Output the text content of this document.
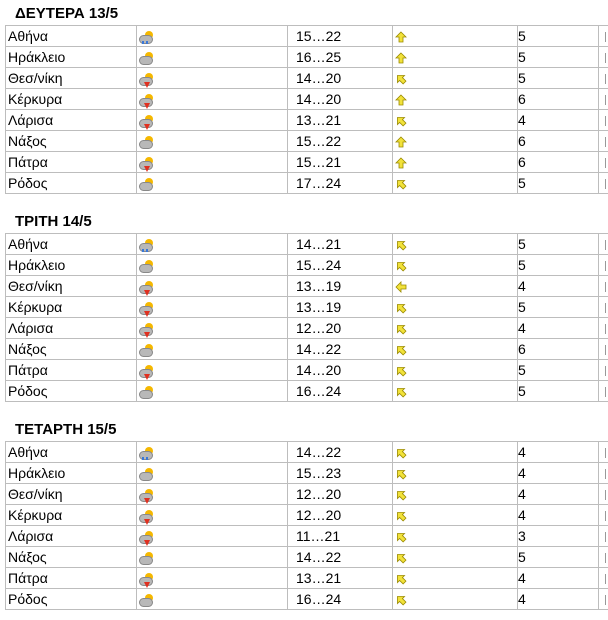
ΔΕΥΤΕΡΑ 13/5
Αθήνα		15…22		5	
Ηράκλειο		16…25		5	
Θεσ/νίκη		14…20		5	
Κέρκυρα		14…20		6	
Λάρισα		13…21		4	
Νάξος		15…22		6	
Πάτρα		15…21		6	
Ρόδος		17…24		5	
ΤΡΙΤΗ 14/5
Αθήνα		14…21		5	
Ηράκλειο		15…24		5	
Θεσ/νίκη		13…19		4	
Κέρκυρα		13…19		5	
Λάρισα		12…20		4	
Νάξος		14…22		6	
Πάτρα		14…20		5	
Ρόδος		16…24		5	
ΤΕΤΑΡΤΗ 15/5
Αθήνα		14…22		4	
Ηράκλειο		15…23		4	
Θεσ/νίκη		12…20		4	
Κέρκυρα		12…20		4	
Λάρισα		11…21		3	
Νάξος		14…22		5	
Πάτρα		13…21		4	
Ρόδος		16…24		4	
